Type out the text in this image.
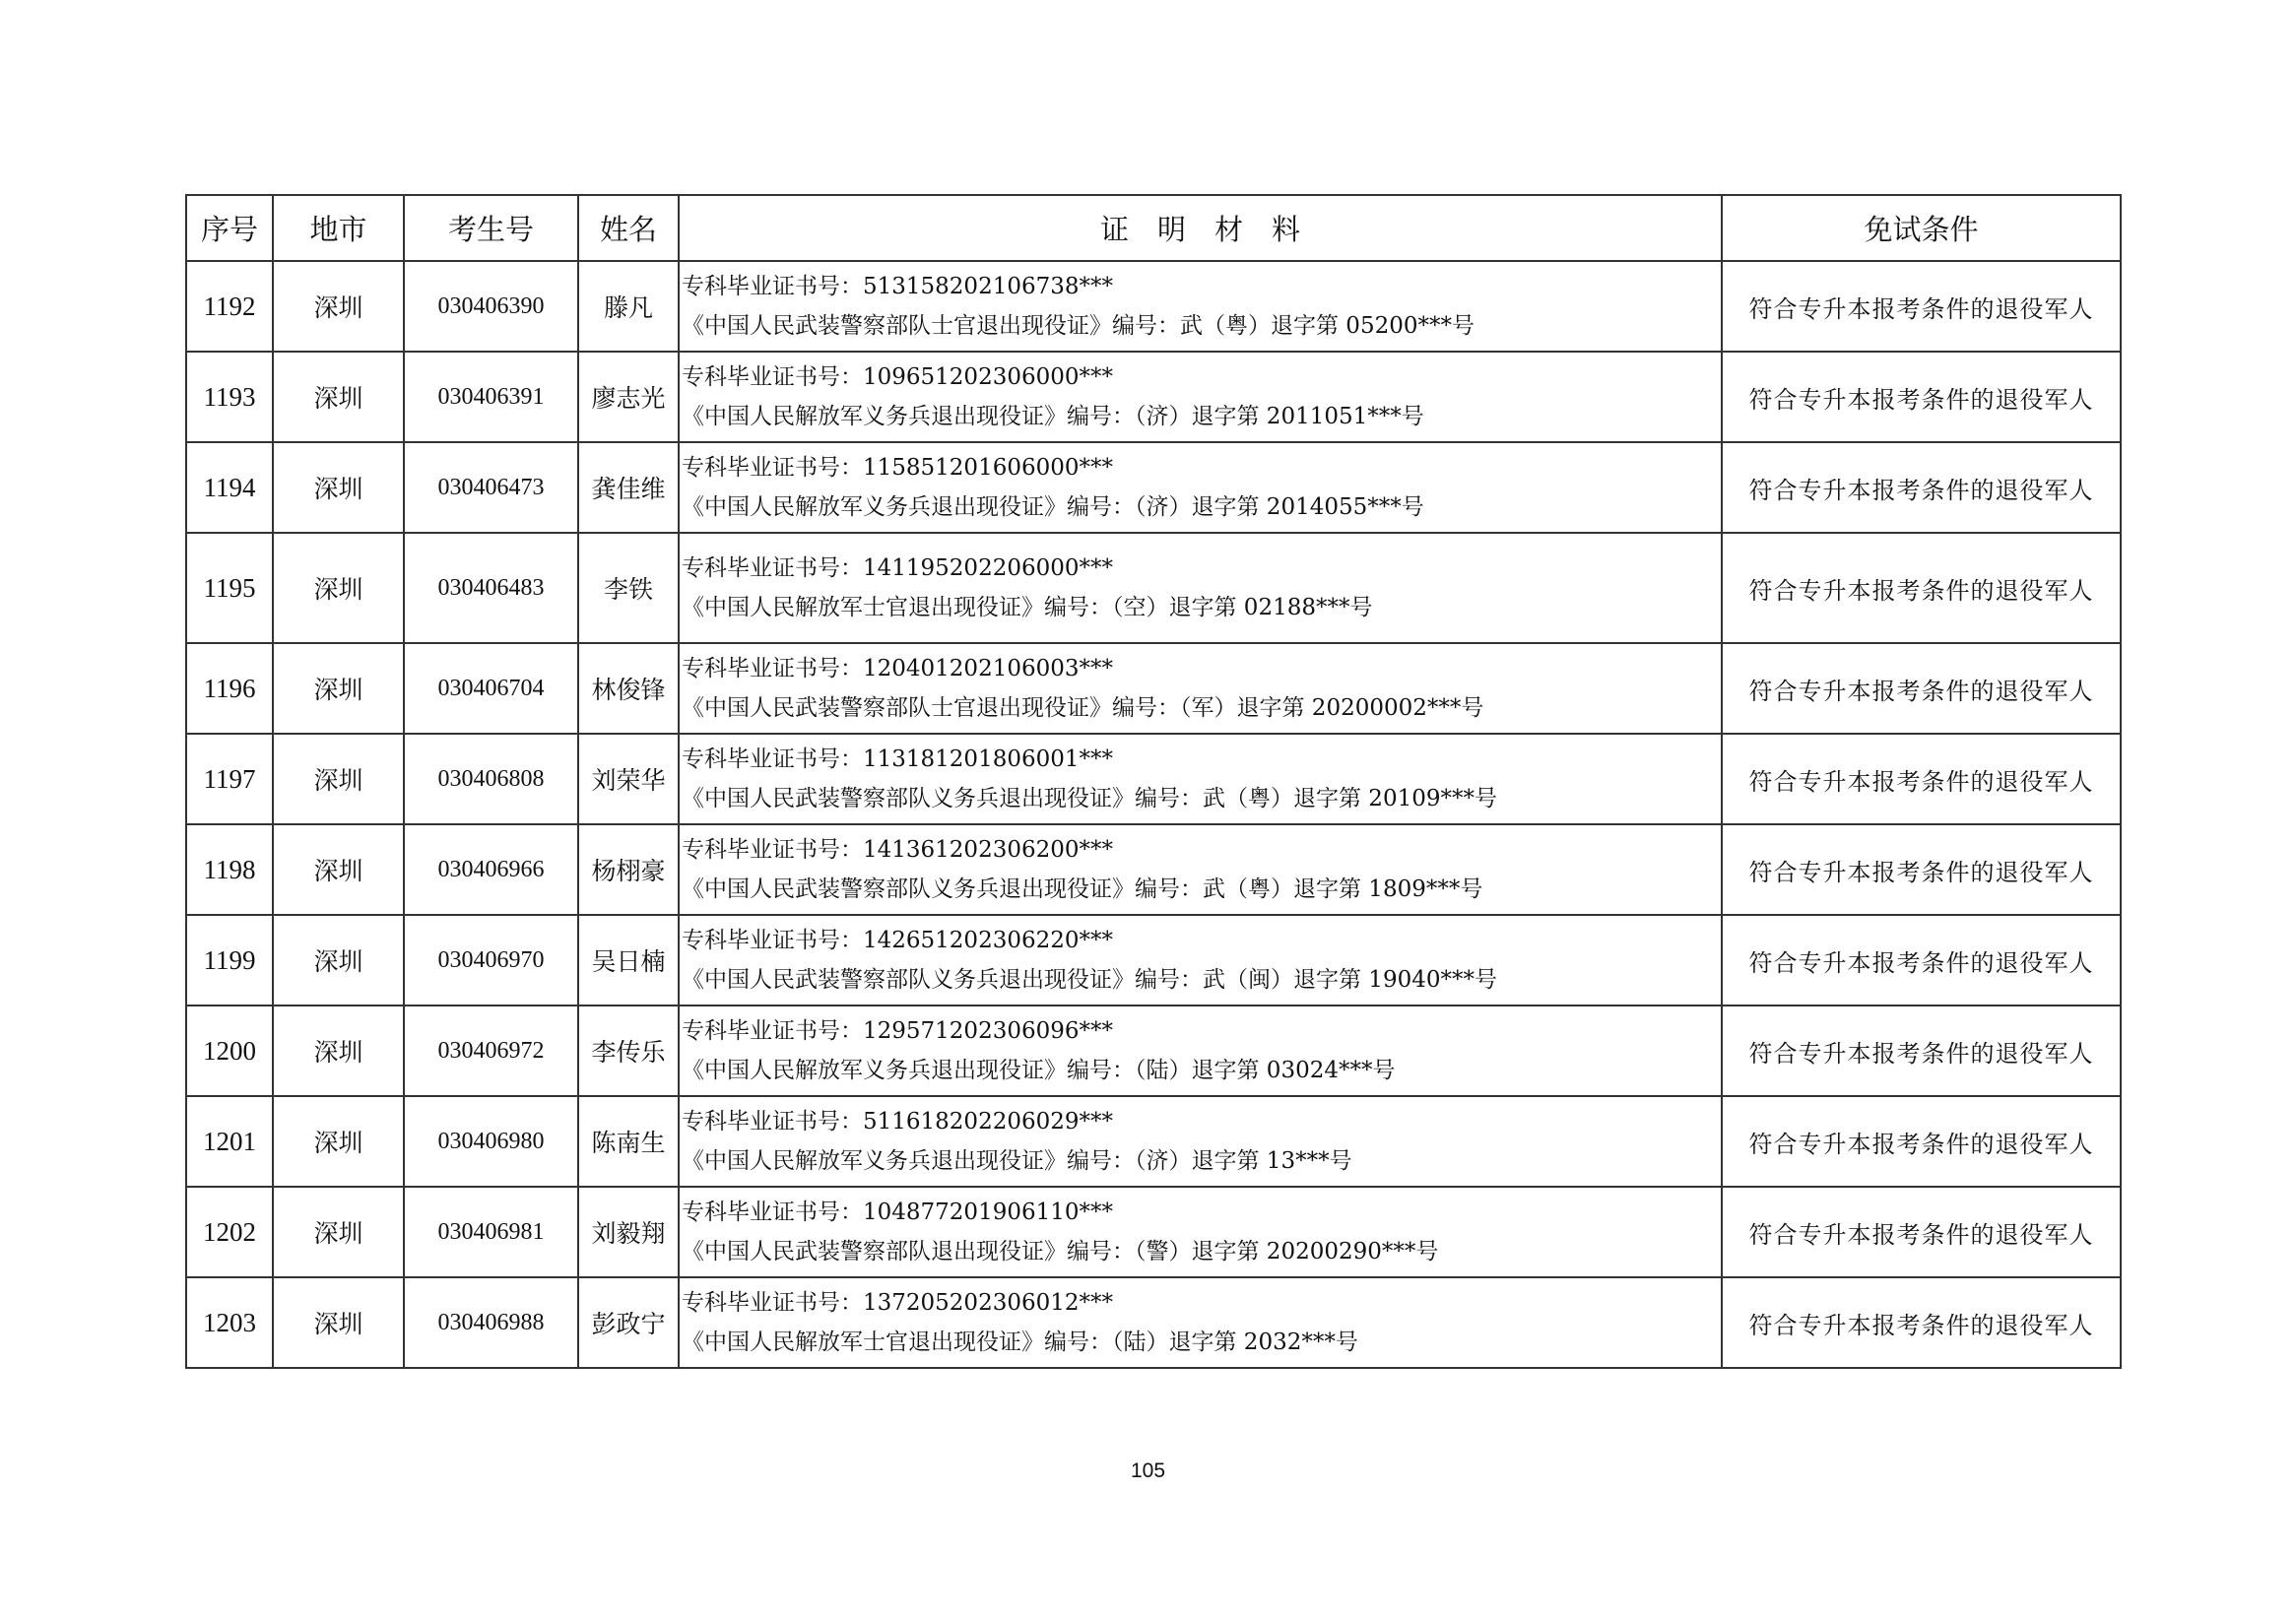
序号	地市	考生号	姓名	证　明　材　料	免试条件
1192	深圳	030406390	滕凡	专科毕业证书号：513158202106738***
《中国人民武装警察部队士官退出现役证》编号：武（粤）退字第 05200***号	符合专升本报考条件的退役军人
1193	深圳	030406391	廖志光	专科毕业证书号：109651202306000***
《中国人民解放军义务兵退出现役证》编号：（济）退字第 2011051***号	符合专升本报考条件的退役军人
1194	深圳	030406473	龚佳维	专科毕业证书号：115851201606000***
《中国人民解放军义务兵退出现役证》编号：（济）退字第 2014055***号	符合专升本报考条件的退役军人
1195	深圳	030406483	李铁	专科毕业证书号：141195202206000***
《中国人民解放军士官退出现役证》编号：（空）退字第 02188***号	符合专升本报考条件的退役军人
1196	深圳	030406704	林俊锋	专科毕业证书号：120401202106003***
《中国人民武装警察部队士官退出现役证》编号：（军）退字第 20200002***号	符合专升本报考条件的退役军人
1197	深圳	030406808	刘荣华	专科毕业证书号：113181201806001***
《中国人民武装警察部队义务兵退出现役证》编号：武（粤）退字第 20109***号	符合专升本报考条件的退役军人
1198	深圳	030406966	杨栩豪	专科毕业证书号：141361202306200***
《中国人民武装警察部队义务兵退出现役证》编号：武（粤）退字第 1809***号	符合专升本报考条件的退役军人
1199	深圳	030406970	吴日楠	专科毕业证书号：142651202306220***
《中国人民武装警察部队义务兵退出现役证》编号：武（闽）退字第 19040***号	符合专升本报考条件的退役军人
1200	深圳	030406972	李传乐	专科毕业证书号：129571202306096***
《中国人民解放军义务兵退出现役证》编号：（陆）退字第 03024***号	符合专升本报考条件的退役军人
1201	深圳	030406980	陈南生	专科毕业证书号：511618202206029***
《中国人民解放军义务兵退出现役证》编号：（济）退字第 13***号	符合专升本报考条件的退役军人
1202	深圳	030406981	刘毅翔	专科毕业证书号：104877201906110***
《中国人民武装警察部队退出现役证》编号：（警）退字第 20200290***号	符合专升本报考条件的退役军人
1203	深圳	030406988	彭政宁	专科毕业证书号：137205202306012***
《中国人民解放军士官退出现役证》编号：（陆）退字第 2032***号	符合专升本报考条件的退役军人
105
